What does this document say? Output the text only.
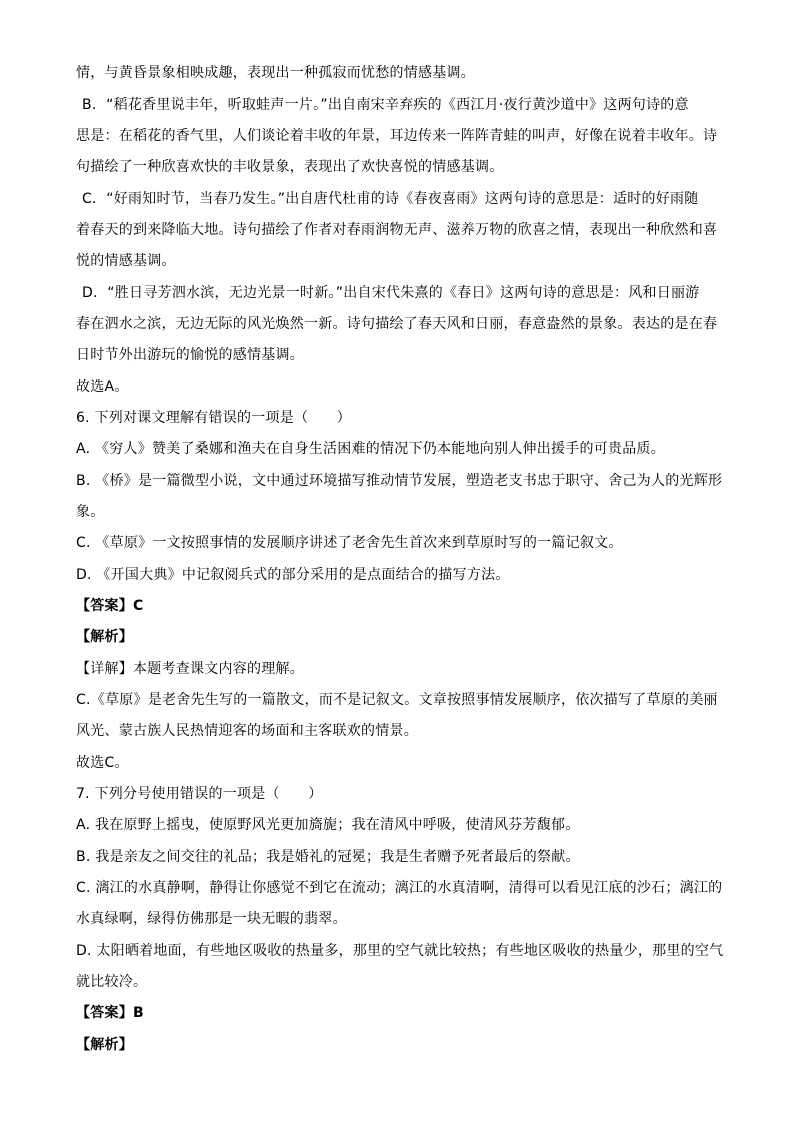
情，与黄昏景象相映成趣，表现出一种孤寂而忧愁的情感基调。
B．“稻花香里说丰年，听取蛙声一片。”出自南宋辛弃疾的《西江月·夜行黄沙道中》这两句诗的意
思是：在稻花的香气里，人们谈论着丰收的年景，耳边传来一阵阵青蛙的叫声，好像在说着丰收年。诗
句描绘了一种欣喜欢快的丰收景象，表现出了欢快喜悦的情感基调。
C．“好雨知时节，当春乃发生。”出自唐代杜甫的诗《春夜喜雨》这两句诗的意思是：适时的好雨随
着春天的到来降临大地。诗句描绘了作者对春雨润物无声、滋养万物的欣喜之情，表现出一种欣然和喜
悦的情感基调。
D．“胜日寻芳泗水滨，无边光景一时新。”出自宋代朱熹的《春日》这两句诗的意思是：风和日丽游
春在泗水之滨，无边无际的风光焕然一新。诗句描绘了春天风和日丽，春意盎然的景象。表达的是在春
日时节外出游玩的愉悦的感情基调。
故选A。
6. 下列对课文理解有错误的一项是（　　）
A. 《穷人》赞美了桑娜和渔夫在自身生活困难的情况下仍本能地向别人伸出援手的可贵品质。
B. 《桥》是一篇微型小说，文中通过环境描写推动情节发展，塑造老支书忠于职守、舍己为人的光辉形
象。
C. 《草原》一文按照事情的发展顺序讲述了老舍先生首次来到草原时写的一篇记叙文。
D. 《开国大典》中记叙阅兵式的部分采用的是点面结合的描写方法。
【答案】C
【解析】
【详解】本题考查课文内容的理解。
C.《草原》是老舍先生写的一篇散文，而不是记叙文。文章按照事情发展顺序，依次描写了草原的美丽
风光、蒙古族人民热情迎客的场面和主客联欢的情景。
故选C。
7. 下列分号使用错误的一项是（　　）
A. 我在原野上摇曳，使原野风光更加旖旎；我在清风中呼吸，使清风芬芳馥郁。
B. 我是亲友之间交往的礼品；我是婚礼的冠冕；我是生者赠予死者最后的祭献。
C. 漓江的水真静啊，静得让你感觉不到它在流动；漓江的水真清啊，清得可以看见江底的沙石；漓江的
水真绿啊，绿得仿佛那是一块无暇的翡翠。
D. 太阳晒着地面，有些地区吸收的热量多，那里的空气就比较热；有些地区吸收的热量少，那里的空气
就比较冷。
【答案】B
【解析】
